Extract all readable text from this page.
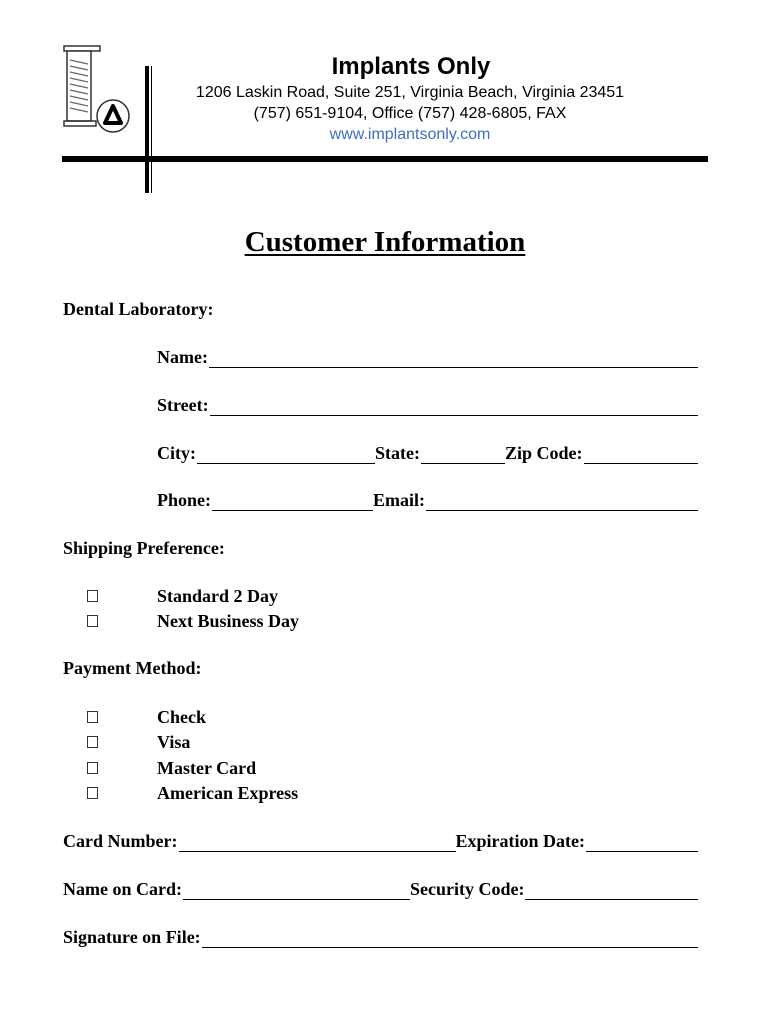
Implants Only
1206 Laskin Road, Suite 251, Virginia Beach, Virginia 23451
(757) 651-9104, Office (757) 428-6805, FAX
www.implantsonly.com
Customer Information
Dental Laboratory:
Name:
Street:
City:	State:	Zip Code:
Phone:	Email:
Shipping Preference:
Standard 2 Day
Next Business Day
Payment Method:
Check
Visa
Master Card
American Express
Card Number:	Expiration Date:
Name on Card:	Security Code:
Signature on File:
